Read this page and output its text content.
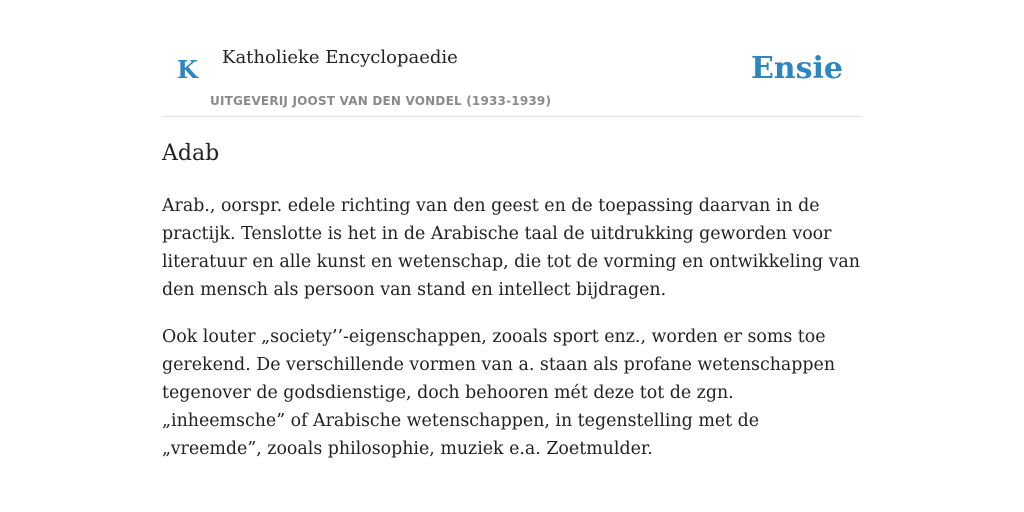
K Katholieke Encyclopaedie
UITGEVERIJ JOOST VAN DEN VONDEL (1933-1939)
Ensie
Adab

Arab., oorspr. edele richting van den geest en de toepassing daarvan in de practijk. Tenslotte is het in de Arabische taal de uitdrukking geworden voor literatuur en alle kunst en wetenschap, die tot de vorming en ontwikkeling van den mensch als persoon van stand en intellect bijdragen.

Ook louter „society’’-eigenschappen, zooals sport enz., worden er soms toe gerekend. De verschillende vormen van a. staan als profane wetenschappen tegenover de godsdienstige, doch behooren mét deze tot de zgn. „inheemsche” of Arabische wetenschappen, in tegenstelling met de „vreemde”, zooals philosophie, muziek e.a. Zoetmulder.
